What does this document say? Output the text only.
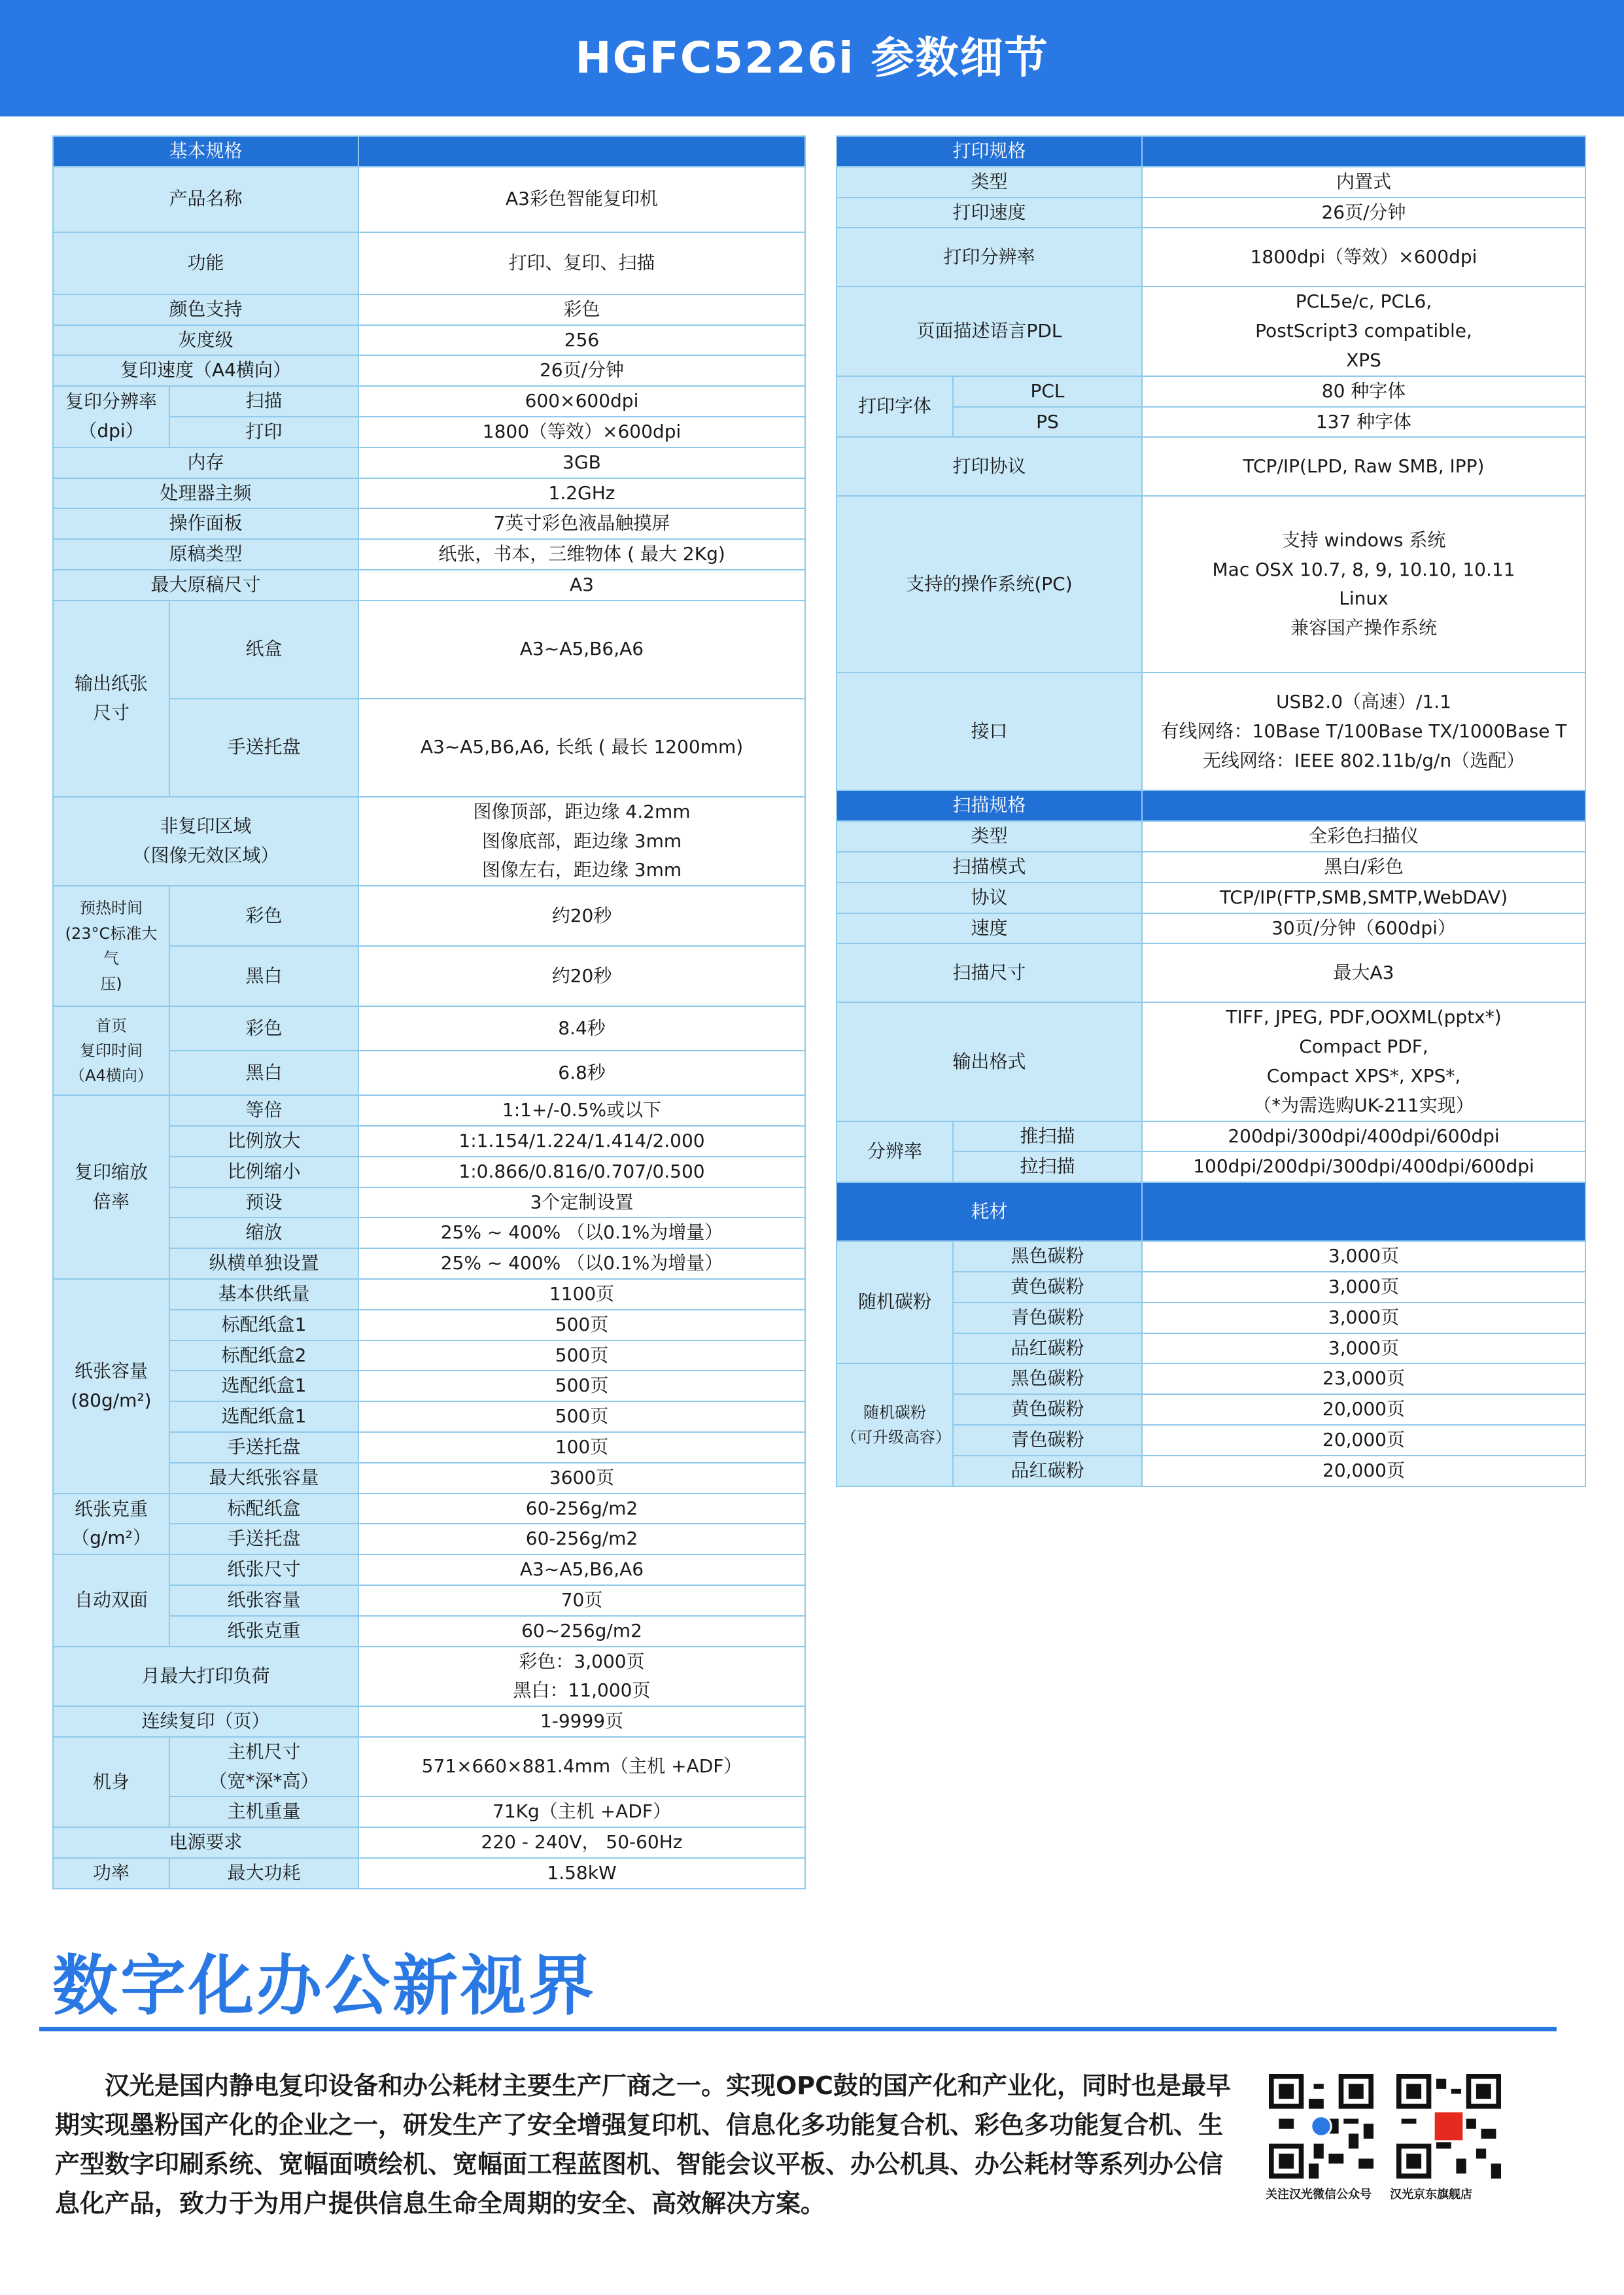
HGFC5226i 参数细节
基本规格		
产品名称		A3彩色智能复印机
功能		打印、复印、扫描
颜色支持		彩色
灰度级		256
复印速度（A4横向）		26页/分钟
复印分辨率
（dpi）	扫描	600×600dpi
	打印	1800（等效）×600dpi
内存		3GB
处理器主频		1.2GHz
操作面板		7英寸彩色液晶触摸屏
原稿类型		纸张，书本，三维物体 ( 最大 2Kg)
最大原稿尺寸		A3
输出纸张
尺寸	纸盒	A3~A5,B6,A6
	手送托盘	A3~A5,B6,A6, 长纸 ( 最长 1200mm)
非复印区域
（图像无效区域）		图像顶部，距边缘 4.2mm
图像底部，距边缘 3mm
图像左右，距边缘 3mm
预热时间
(23°C标准大气
压)	彩色	约20秒
	黑白	约20秒
首页
复印时间
（A4横向）	彩色	8.4秒
	黑白	6.8秒
复印缩放
倍率	等倍	1:1+/-0.5%或以下
	比例放大	1:1.154/1.224/1.414/2.000
	比例缩小	1:0.866/0.816/0.707/0.500
	预设	3个定制设置
	缩放	25% ~ 400% （以0.1%为增量）
	纵横单独设置	25% ~ 400% （以0.1%为增量）
纸张容量
(80g/m²)	基本供纸量	1100页
	标配纸盒1	500页
	标配纸盒2	500页
	选配纸盒1	500页
	选配纸盒1	500页
	手送托盘	100页
	最大纸张容量	3600页
纸张克重
（g/m²）	标配纸盒	60-256g/m2
	手送托盘	60-256g/m2
自动双面	纸张尺寸	A3~A5,B6,A6
	纸张容量	70页
	纸张克重	60~256g/m2
月最大打印负荷		彩色：3,000页
黑白：11,000页
连续复印（页）		1-9999页
机身	主机尺寸
（宽*深*高）	571×660×881.4mm（主机 +ADF）
	主机重量	71Kg（主机 +ADF）
电源要求		220 - 240V， 50-60Hz
功率	最大功耗	1.58kW
打印规格		
类型		内置式
打印速度		26页/分钟
打印分辨率		1800dpi（等效）×600dpi
页面描述语言PDL		PCL5e/c, PCL6,
PostScript3 compatible,
XPS
打印字体	PCL	80 种字体
	PS	137 种字体
打印协议		TCP/IP(LPD, Raw SMB, IPP)
支持的操作系统(PC)		支持 windows 系统
Mac OSX 10.7, 8, 9, 10.10, 10.11
Linux
兼容国产操作系统
接口		USB2.0（高速）/1.1
有线网络：10Base T/100Base TX/1000Base T
无线网络：IEEE 802.11b/g/n（选配）
扫描规格		
类型		全彩色扫描仪
扫描模式		黑白/彩色
协议		TCP/IP(FTP,SMB,SMTP,WebDAV)
速度		30页/分钟（600dpi）
扫描尺寸		最大A3
输出格式		TIFF, JPEG, PDF,OOXML(pptx*)
Compact PDF,
Compact XPS*, XPS*,
（*为需选购UK-211实现）
分辨率	推扫描	200dpi/300dpi/400dpi/600dpi
	拉扫描	100dpi/200dpi/300dpi/400dpi/600dpi
耗材		
随机碳粉	黑色碳粉	3,000页
	黄色碳粉	3,000页
	青色碳粉	3,000页
	品红碳粉	3,000页
随机碳粉
（可升级高容）	黑色碳粉	23,000页
	黄色碳粉	20,000页
	青色碳粉	20,000页
	品红碳粉	20,000页
数字化办公新视界
汉光是国内静电复印设备和办公耗材主要生产厂商之一。实现OPC鼓的国产化和产业化，同时也是最早期实现墨粉国产化的企业之一，研发生产了安全增强复印机、信息化多功能复合机、彩色多功能复合机、生产型数字印刷系统、宽幅面喷绘机、宽幅面工程蓝图机、智能会议平板、办公机具、办公耗材等系列办公信息化产品，致力于为用户提供信息生命全周期的安全、高效解决方案。	关注汉光微信公众号 汉光京东旗舰店
